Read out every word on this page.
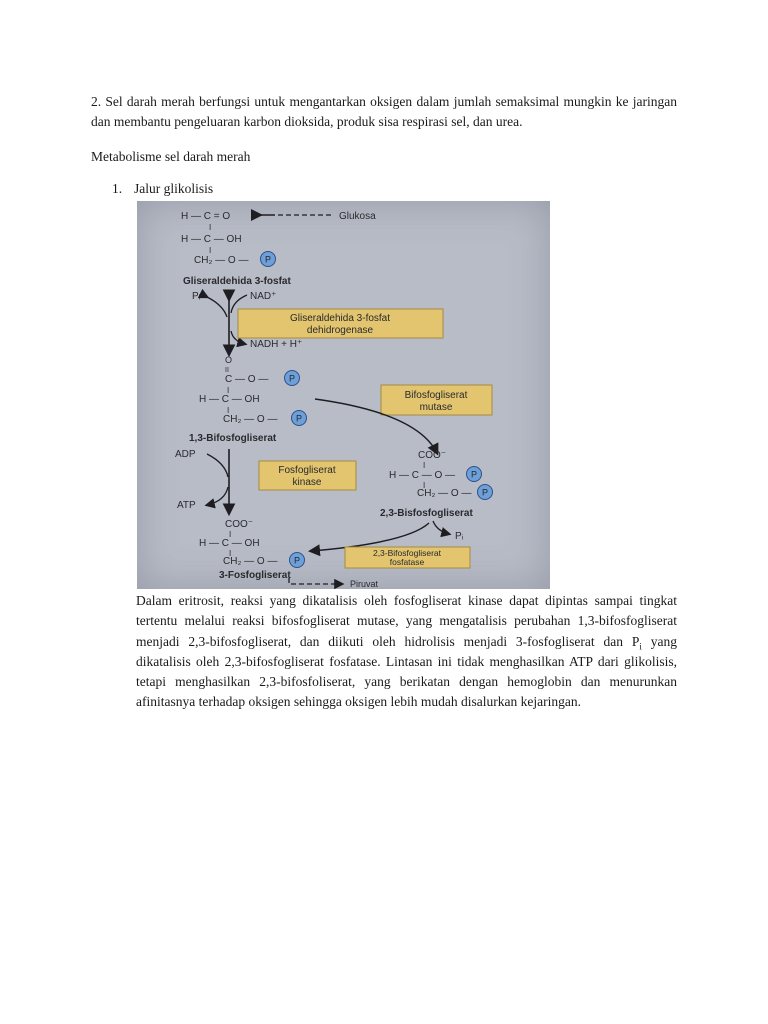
2. Sel darah merah berfungsi untuk mengantarkan oksigen dalam jumlah semaksimal mungkin ke jaringan dan membantu pengeluaran karbon dioksida, produk sisa respirasi sel, dan urea.

Metabolisme sel darah merah
1. Jalur glikolisis
H — C = O	Glukosa
I
H — C — OH
I
CH₂ — O — P
Gliseraldehida 3-fosfat
Pᵢ	NAD⁺
Gliseraldehida 3-fosfat
dehidrogenase
NADH + H⁺
O
II
C — O — P
I
H — C — OH
I
CH₂ — O — P
1,3-Bifosfogliserat
Bifosfogliserat
mutase
ADP
ATP
Fosfogliserat
kinase
COO⁻
I
H — C — O — P
I
CH₂ — O — P
2,3-Bisfosfogliserat
Pᵢ
2,3-Bifosfogliserat
fosfatase
COO⁻
I
H — C — OH
I
CH₂ — O — P
3-Fosfogliserat
Piruvat

Dalam eritrosit, reaksi yang dikatalisis oleh fosfogliserat kinase dapat dipintas sampai tingkat tertentu melalui reaksi bifosfogliserat mutase, yang mengatalisis perubahan 1,3-bifosfogliserat menjadi 2,3-bifosfogliserat, dan diikuti oleh hidrolisis menjadi 3-fosfogliserat dan $P_i$ yang dikatalisis oleh 2,3-bifosfogliserat fosfatase. Lintasan ini tidak menghasilkan ATP dari glikolisis, tetapi menghasilkan 2,3-bifosfoliserat, yang berikatan dengan hemoglobin dan menurunkan afinitasnya terhadap oksigen sehingga oksigen lebih mudah disalurkan kejaringan.
